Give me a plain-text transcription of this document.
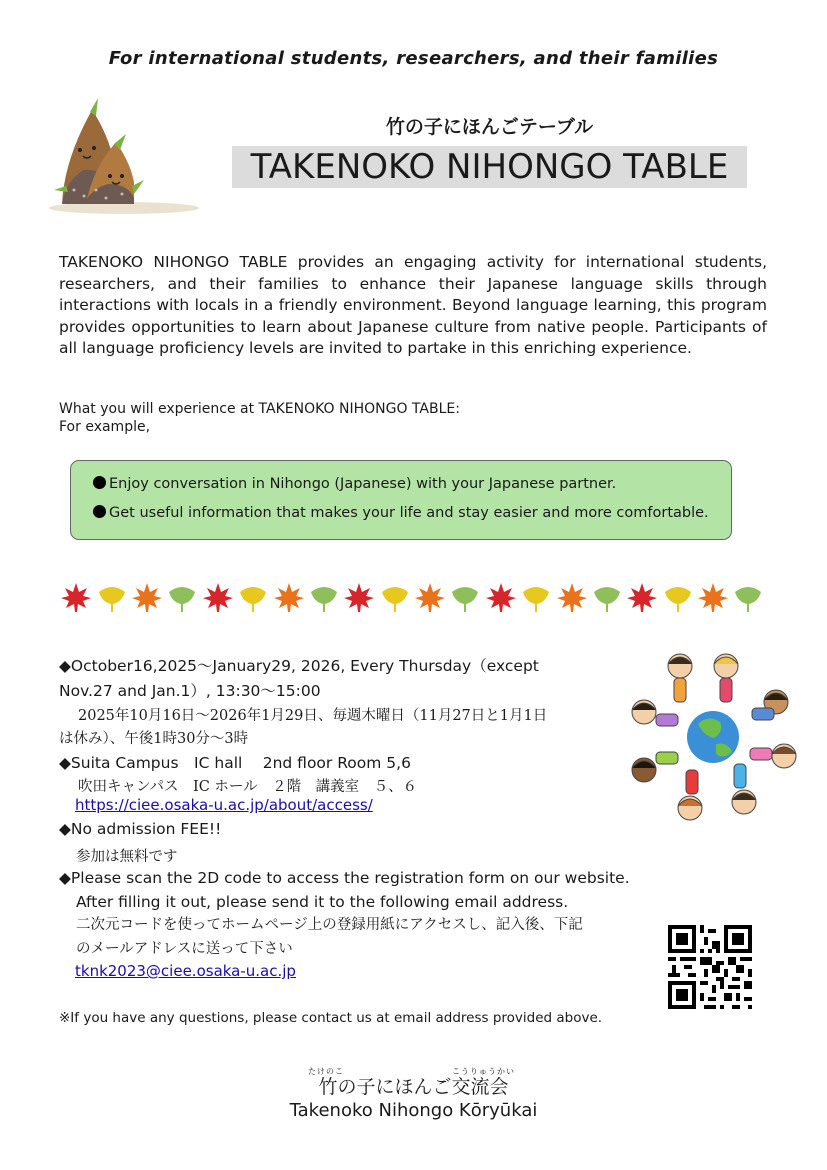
For international students, researchers, and their families
竹の子にほんごテーブル
TAKENOKO NIHONGO TABLE
TAKENOKO NIHONGO TABLE provides an engaging activity for international students, researchers, and their families to enhance their Japanese language skills through interactions with locals in a friendly environment. Beyond language learning, this program provides opportunities to learn about Japanese culture from native people. Participants of all language proficiency levels are invited to partake in this enriching experience.
What you will experience at TAKENOKO NIHONGO TABLE:
For example,
Enjoy conversation in Nihongo (Japanese) with your Japanese partner.
Get useful information that makes your life and stay easier and more comfortable.
◆October16,2025～January29, 2026, Every Thursday（except
Nov.27 and Jan.1）, 13:30～15:00
2025年10月16日～2026年1月29日、毎週木曜日（11月27日と1月1日
は休み）、午後1時30分～3時
◆Suita Campus　IC hall　 2nd floor Room 5,6
吹田キャンパス　IC ホール　２階　講義室　５、６
https://ciee.osaka-u.ac.jp/about/access/
◆No admission FEE!!
参加は無料です
◆Please scan the 2D code to access the registration form on our website.
After filling it out, please send it to the following email address.
二次元コードを使ってホームページ上の登録用紙にアクセスし、記入後、下記
のメールアドレスに送って下さい
tknk2023@ciee.osaka-u.ac.jp
※If you have any questions, please contact us at email address provided above.
たけのこ	こうりゅうかい
竹の子にほんご交流会
Takenoko Nihongo Kōryūkai
